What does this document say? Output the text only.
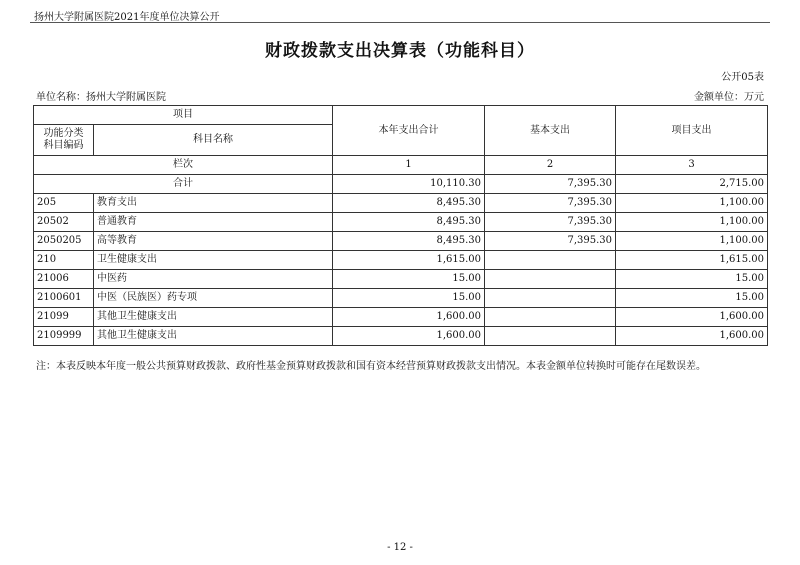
扬州大学附属医院2021年度单位决算公开
财政拨款支出决算表（功能科目）
公开05表
单位名称：扬州大学附属医院	金额单位：万元
项目		本年支出合计	基本支出	项目支出
功能分类
科目编码	科目名称			
栏次		1	2	3
合计		10,110.30	7,395.30	2,715.00
205	教育支出	8,495.30	7,395.30	1,100.00
20502	普通教育	8,495.30	7,395.30	1,100.00
2050205	高等教育	8,495.30	7,395.30	1,100.00
210	卫生健康支出	1,615.00		1,615.00
21006	中医药	15.00		15.00
2100601	中医（民族医）药专项	15.00		15.00
21099	其他卫生健康支出	1,600.00		1,600.00
2109999	其他卫生健康支出	1,600.00		1,600.00
注：本表反映本年度一般公共预算财政拨款、政府性基金预算财政拨款和国有资本经营预算财政拨款支出情况。本表金额单位转换时可能存在尾数误差。
- 12 -
